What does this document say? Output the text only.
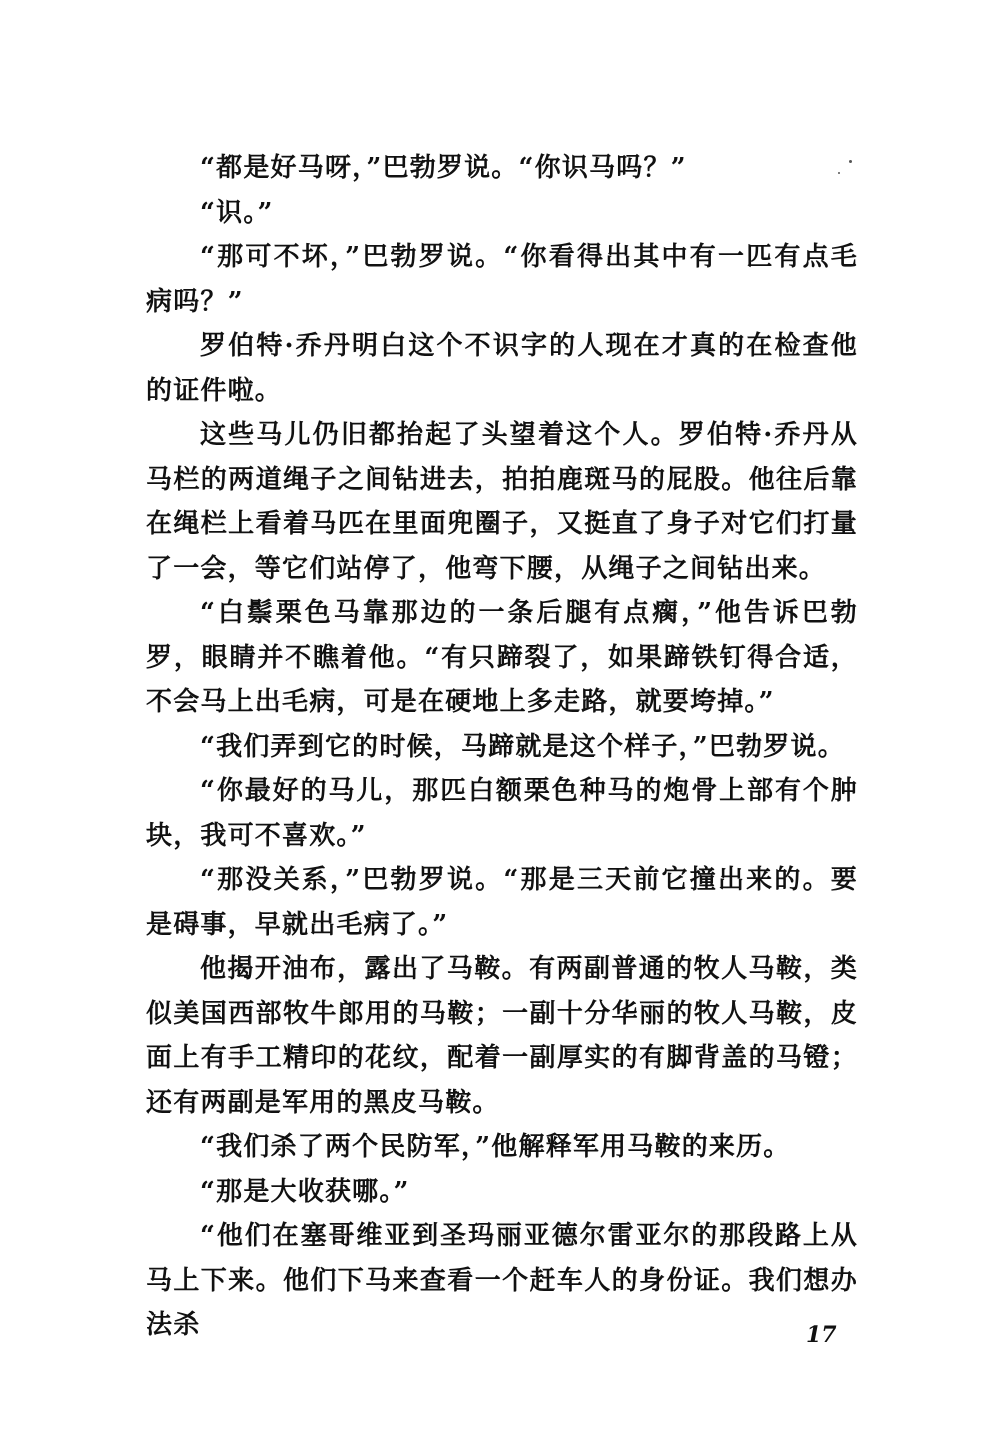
“都是好马呀，”巴勃罗说。“你识马吗？”

“识。”

“那可不坏，”巴勃罗说。“你看得出其中有一匹有点毛病吗？”

罗伯特·乔丹明白这个不识字的人现在才真的在检查他的证件啦。

这些马儿仍旧都抬起了头望着这个人。罗伯特·乔丹从马栏的两道绳子之间钻进去，拍拍鹿斑马的屁股。他往后靠在绳栏上看着马匹在里面兜圈子，又挺直了身子对它们打量了一会，等它们站停了，他弯下腰，从绳子之间钻出来。

“白鬃栗色马靠那边的一条后腿有点瘸，”他告诉巴勃罗，眼睛并不瞧着他。“有只蹄裂了，如果蹄铁钉得合适，不会马上出毛病，可是在硬地上多走路，就要垮掉。”

“我们弄到它的时候，马蹄就是这个样子，”巴勃罗说。

“你最好的马儿，那匹白额栗色种马的炮骨上部有个肿块，我可不喜欢。”

“那没关系，”巴勃罗说。“那是三天前它撞出来的。要是碍事，早就出毛病了。”

他揭开油布，露出了马鞍。有两副普通的牧人马鞍，类似美国西部牧牛郎用的马鞍；一副十分华丽的牧人马鞍，皮面上有手工精印的花纹，配着一副厚实的有脚背盖的马镫；还有两副是军用的黑皮马鞍。

“我们杀了两个民防军，”他解释军用马鞍的来历。

“那是大收获哪。”

“他们在塞哥维亚到圣玛丽亚德尔雷亚尔的那段路上从马上下来。他们下马来查看一个赶车人的身份证。我们想办法杀	17
